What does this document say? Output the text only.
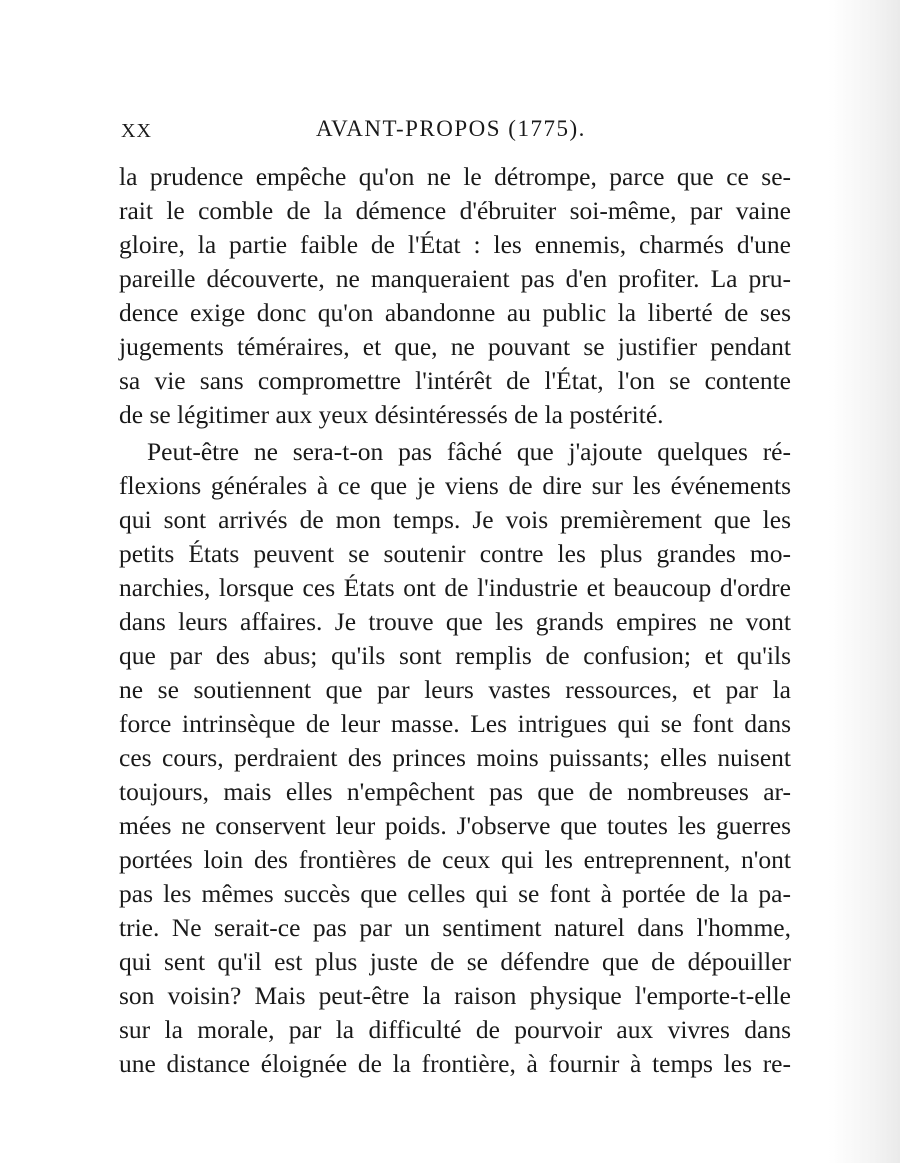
XX	AVANT-PROPOS (1775).
la prudence empêche qu'on ne le détrompe, parce que ce se-
rait le comble de la démence d'ébruiter soi-même, par vaine
gloire, la partie faible de l'État : les ennemis, charmés d'une
pareille découverte, ne manqueraient pas d'en profiter. La pru-
dence exige donc qu'on abandonne au public la liberté de ses
jugements téméraires, et que, ne pouvant se justifier pendant
sa vie sans compromettre l'intérêt de l'État, l'on se contente
de se légitimer aux yeux désintéressés de la postérité.
Peut-être ne sera-t-on pas fâché que j'ajoute quelques ré-
flexions générales à ce que je viens de dire sur les événements
qui sont arrivés de mon temps. Je vois premièrement que les
petits États peuvent se soutenir contre les plus grandes mo-
narchies, lorsque ces États ont de l'industrie et beaucoup d'ordre
dans leurs affaires. Je trouve que les grands empires ne vont
que par des abus; qu'ils sont remplis de confusion; et qu'ils
ne se soutiennent que par leurs vastes ressources, et par la
force intrinsèque de leur masse. Les intrigues qui se font dans
ces cours, perdraient des princes moins puissants; elles nuisent
toujours, mais elles n'empêchent pas que de nombreuses ar-
mées ne conservent leur poids. J'observe que toutes les guerres
portées loin des frontières de ceux qui les entreprennent, n'ont
pas les mêmes succès que celles qui se font à portée de la pa-
trie. Ne serait-ce pas par un sentiment naturel dans l'homme,
qui sent qu'il est plus juste de se défendre que de dépouiller
son voisin? Mais peut-être la raison physique l'emporte-t-elle
sur la morale, par la difficulté de pourvoir aux vivres dans
une distance éloignée de la frontière, à fournir à temps les re-
